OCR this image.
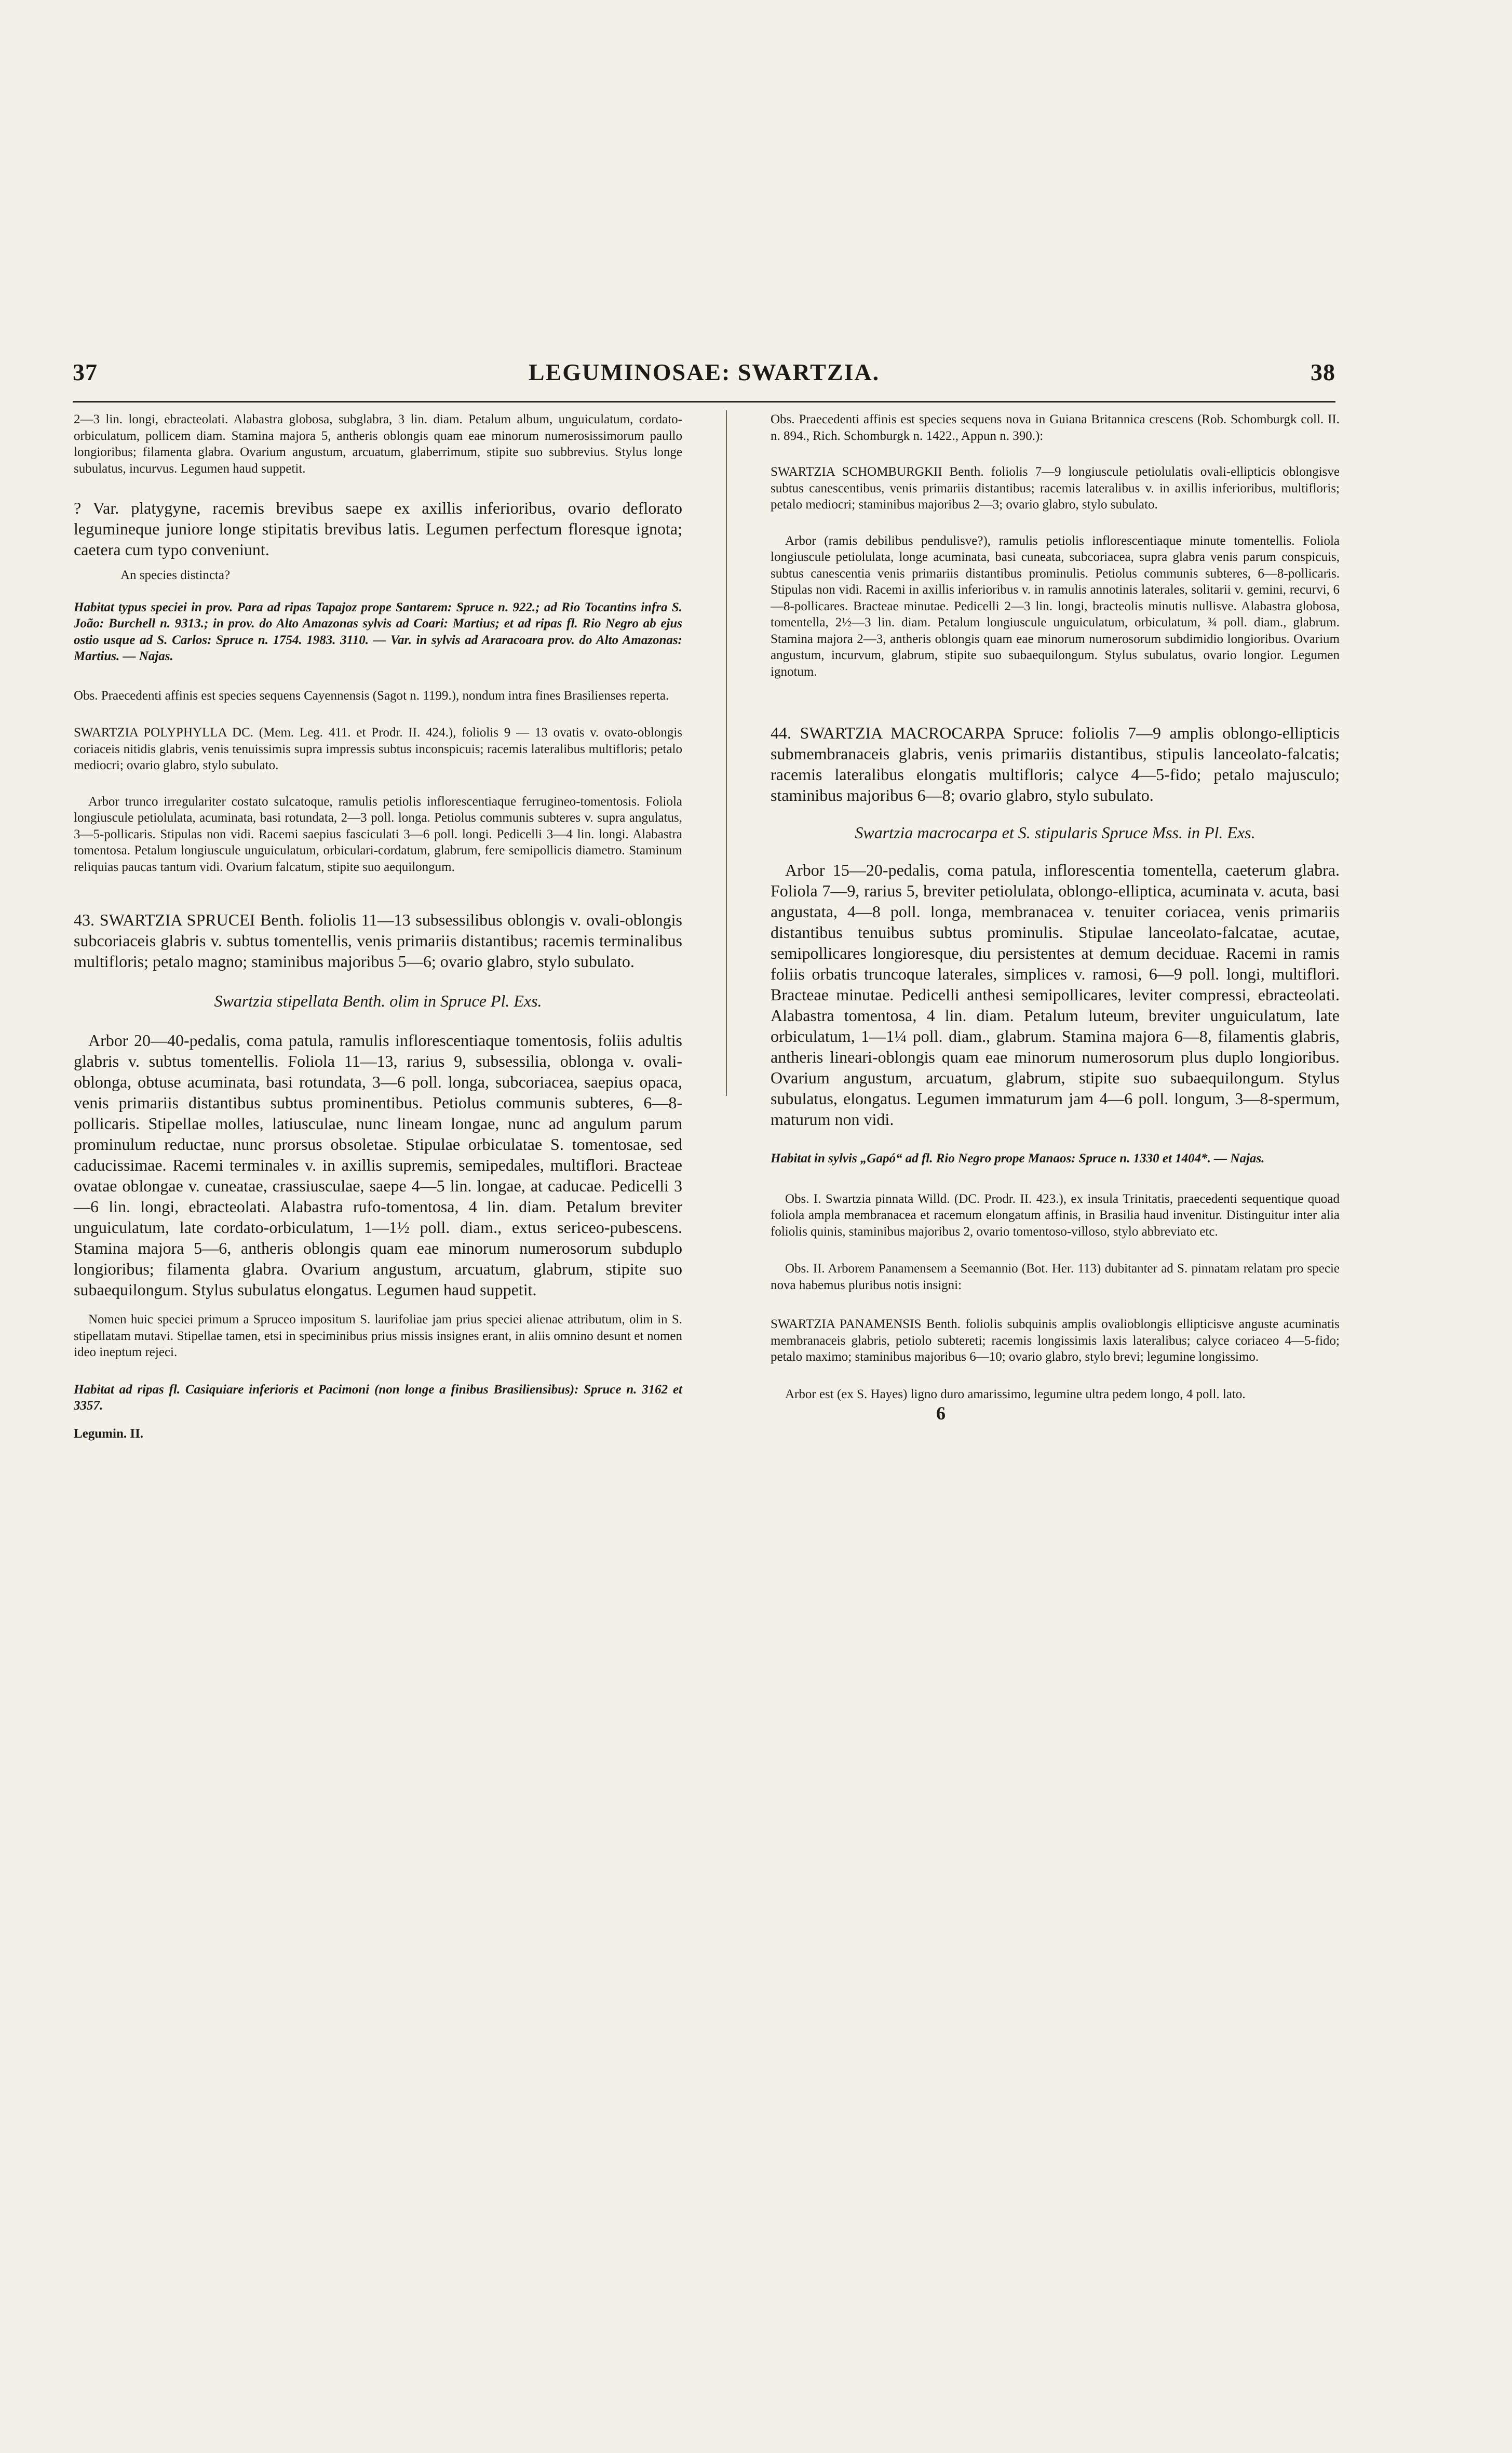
37	LEGUMINOSAE: SWARTZIA.	38

2—3 lin. longi, ebracteolati. Alabastra globosa, subglabra, 3 lin. diam. Petalum album, unguiculatum, cordato-orbiculatum, pollicem diam. Stamina majora 5, antheris oblongis quam eae minorum numerosissimorum paullo longioribus; filamenta glabra. Ovarium angustum, arcuatum, glaberrimum, stipite suo subbrevius. Stylus longe subulatus, incurvus. Legumen haud suppetit.

? Var. platygyne, racemis brevibus saepe ex axillis inferioribus, ovario deflorato leguminеque juniore longe stipitatis brevibus latis. Legumen perfectum floresque ignota; caetera cum typo conveniunt.

An species distincta?

Habitat typus speciei in prov. Para ad ripas Tapajoz prope Santarem: Spruce n. 922.; ad Rio Tocantins infra S. João: Burchell n. 9313.; in prov. do Alto Amazonas sylvis ad Coari: Martius; et ad ripas fl. Rio Negro ab ejus ostio usque ad S. Carlos: Spruce n. 1754. 1983. 3110. — Var. in sylvis ad Araracoara prov. do Alto Amazonas: Martius. — Najas.

Obs. Praecedenti affinis est species sequens Cayennensis (Sagot n. 1199.), nondum intra fines Brasilienses reperta.

SWARTZIA POLYPHYLLA DC. (Mem. Leg. 411. et Prodr. II. 424.), foliolis 9 — 13 ovatis v. ovato-oblongis coriaceis nitidis glabris, venis tenuissimis supra impressis subtus inconspicuis; racemis lateralibus multifloris; petalo mediocri; ovario glabro, stylo subulato.

Arbor trunco irregulariter costato sulcatoque, ramulis petiolis inflorescentiaque ferrugineo-tomentosis. Foliola longiuscule petiolulata, acuminata, basi rotundata, 2—3 poll. longa. Petiolus communis subteres v. supra angulatus, 3—5-pollicaris. Stipulas non vidi. Racemi saepius fasciculati 3—6 poll. longi. Pedicelli 3—4 lin. longi. Alabastra tomentosa. Petalum longiuscule unguiculatum, orbiculari-cordatum, glabrum, fere semipollicis diametro. Staminum reliquias paucas tantum vidi. Ovarium falcatum, stipite suo aequilongum.

43. SWARTZIA SPRUCEI Benth. foliolis 11—13 subsessilibus oblongis v. ovali-oblongis subcoriaceis glabris v. subtus tomentellis, venis primariis distantibus; racemis terminalibus multifloris; petalo magno; staminibus majoribus 5—6; ovario glabro, stylo subulato.

Swartzia stipellata Benth. olim in Spruce Pl. Exs.

Arbor 20—40-pedalis, coma patula, ramulis inflorescentiaque tomentosis, foliis adultis glabris v. subtus tomentellis. Foliola 11—13, rarius 9, subsessilia, oblonga v. ovali-oblonga, obtuse acuminata, basi rotundata, 3—6 poll. longa, subcoriacea, saepius opaca, venis primariis distantibus subtus prominentibus. Petiolus communis subteres, 6—8-pollicaris. Stipellae molles, latiusculae, nunc lineam longae, nunc ad angulum parum prominulum reductae, nunc prorsus obsoletae. Stipulae orbiculatae S. tomentosae, sed caducissimae. Racemi terminales v. in axillis supremis, semipedales, multiflori. Bracteae ovatae oblongae v. cuneatae, crassiusculae, saepe 4—5 lin. longae, at caducae. Pedicelli 3—6 lin. longi, ebracteolati. Alabastra rufo-tomentosa, 4 lin. diam. Petalum breviter unguiculatum, late cordato-orbiculatum, 1—1½ poll. diam., extus sericeo-pubescens. Stamina majora 5—6, antheris oblongis quam eae minorum numerosorum subduplo longioribus; filamenta glabra. Ovarium angustum, arcuatum, glabrum, stipite suo subaequilongum. Stylus subulatus elongatus. Legumen haud suppetit.

Nomen huic speciei primum a Spruceo impositum S. laurifoliae jam prius speciei alienae attributum, olim in S. stipellatam mutavi. Stipellae tamen, etsi in speciminibus prius missis insignes erant, in aliis omnino desunt et nomen ideo ineptum rejeci.

Habitat ad ripas fl. Casiquiare inferioris et Pacimoni (non longe a finibus Brasiliensibus): Spruce n. 3162 et 3357.

Legumin. II.

Obs. Praecedenti affinis est species sequens nova in Guiana Britannica crescens (Rob. Schomburgk coll. II. n. 894., Rich. Schomburgk n. 1422., Appun n. 390.):

SWARTZIA SCHOMBURGKII Benth. foliolis 7—9 longiuscule petiolulatis ovali-ellipticis oblongisve subtus canescentibus, venis primariis distantibus; racemis lateralibus v. in axillis inferioribus, multifloris; petalo mediocri; staminibus majoribus 2—3; ovario glabro, stylo subulato.

Arbor (ramis debilibus pendulisve?), ramulis petiolis inflorescentiaque minute tomentellis. Foliola longiuscule petiolulata, longe acuminata, basi cuneata, subcoriacea, supra glabra venis parum conspicuis, subtus canescentia venis primariis distantibus prominulis. Petiolus communis subteres, 6—8-pollicaris. Stipulas non vidi. Racemi in axillis inferioribus v. in ramulis annotinis laterales, solitarii v. gemini, recurvi, 6—8-pollicares. Bracteae minutae. Pedicelli 2—3 lin. longi, bracteolis minutis nullisve. Alabastra globosa, tomentella, 2½—3 lin. diam. Petalum longiuscule unguiculatum, orbiculatum, ¾ poll. diam., glabrum. Stamina majora 2—3, antheris oblongis quam eae minorum numerosorum subdimidio longioribus. Ovarium angustum, incurvum, glabrum, stipite suo subaequilongum. Stylus subulatus, ovario longior. Legumen ignotum.

44. SWARTZIA MACROCARPA Spruce: foliolis 7—9 amplis oblongo-ellipticis submembranaceis glabris, venis primariis distantibus, stipulis lanceolato-falcatis; racemis lateralibus elongatis multifloris; calyce 4—5-fido; petalo majusculo; staminibus majoribus 6—8; ovario glabro, stylo subulato.

Swartzia macrocarpa et S. stipularis Spruce Mss. in Pl. Exs.

Arbor 15—20-pedalis, coma patula, inflorescentia tomentella, caeterum glabra. Foliola 7—9, rarius 5, breviter petiolulata, oblongo-elliptica, acuminata v. acuta, basi angustata, 4—8 poll. longa, membranacea v. tenuiter coriacea, venis primariis distantibus tenuibus subtus prominulis. Stipulae lanceolato-falcatae, acutae, semipollicares longioresque, diu persistentes at demum deciduae. Racemi in ramis foliis orbatis truncoque laterales, simplices v. ramosi, 6—9 poll. longi, multiflori. Bracteae minutae. Pedicelli anthesi semipollicares, leviter compressi, ebracteolati. Alabastra tomentosa, 4 lin. diam. Petalum luteum, breviter unguiculatum, late orbiculatum, 1—1¼ poll. diam., glabrum. Stamina majora 6—8, filamentis glabris, antheris lineari-oblongis quam eae minorum numerosorum plus duplo longioribus. Ovarium angustum, arcuatum, glabrum, stipite suo subaequilongum. Stylus subulatus, elongatus. Legumen immaturum jam 4—6 poll. longum, 3—8-spermum, maturum non vidi.

Habitat in sylvis „Gapó“ ad fl. Rio Negro prope Manaos: Spruce n. 1330 et 1404*. — Najas.

Obs. I. Swartzia pinnata Willd. (DC. Prodr. II. 423.), ex insula Trinitatis, praecedenti sequentique quoad foliola ampla membranacea et racemum elongatum affinis, in Brasilia haud invenitur. Distinguitur inter alia foliolis quinis, staminibus majoribus 2, ovario tomentoso-villoso, stylo abbreviato etc.

Obs. II. Arborem Panamensem a Seemannio (Bot. Her. 113) dubitanter ad S. pinnatam relatam pro specie nova habemus pluribus notis insigni:

SWARTZIA PANAMENSIS Benth. foliolis subquinis amplis ovalioblongis ellipticisve anguste acuminatis membranaceis glabris, petiolo subtereti; racemis longissimis laxis lateralibus; calyce coriaceo 4—5-fido; petalo maximo; staminibus majoribus 6—10; ovario glabro, stylo brevi; legumine longissimo.

Arbor est (ex S. Hayes) ligno duro amarissimo, legumine ultra pedem longo, 4 poll. lato.

6
